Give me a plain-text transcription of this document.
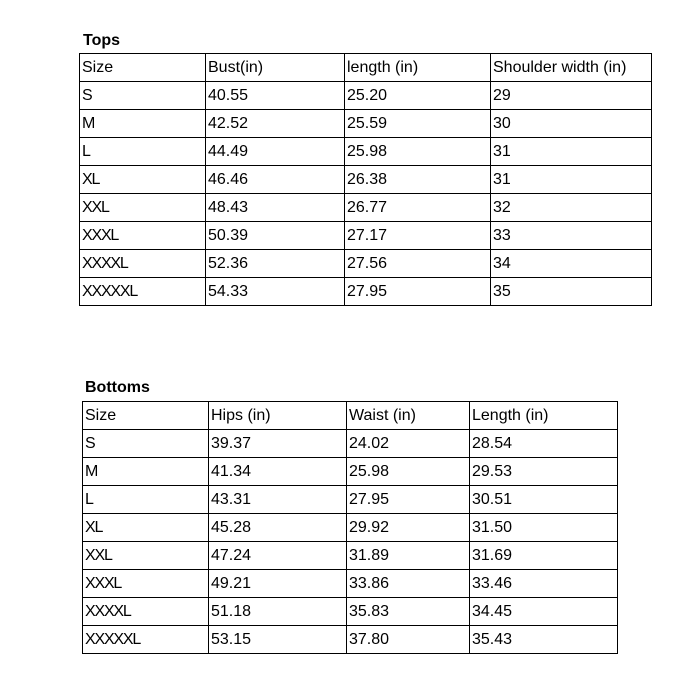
Tops
Size	Bust(in)	length (in)	Shoulder width (in)
S	40.55	25.20	29
M	42.52	25.59	30
L	44.49	25.98	31
XL	46.46	26.38	31
XXL	48.43	26.77	32
XXXL	50.39	27.17	33
XXXXL	52.36	27.56	34
XXXXXL	54.33	27.95	35
Bottoms
Size	Hips (in)	Waist (in)	Length (in)
S	39.37	24.02	28.54
M	41.34	25.98	29.53
L	43.31	27.95	30.51
XL	45.28	29.92	31.50
XXL	47.24	31.89	31.69
XXXL	49.21	33.86	33.46
XXXXL	51.18	35.83	34.45
XXXXXL	53.15	37.80	35.43
